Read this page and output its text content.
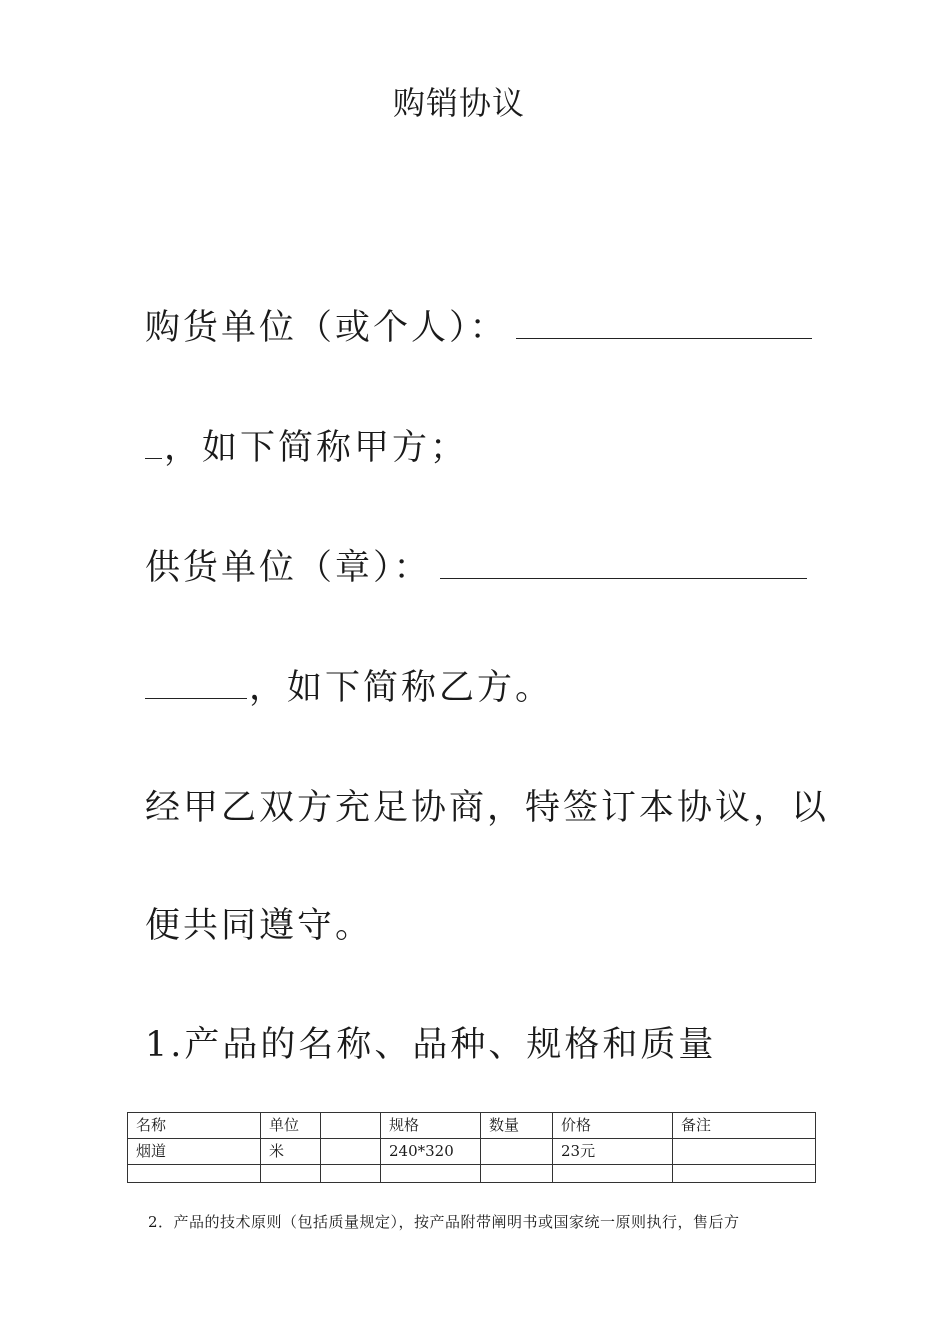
购销协议
购货单位（或个人）：
，如下简称甲方；
供货单位（章）：
，如下简称乙方。
经甲乙双方充足协商，特签订本协议，以
便共同遵守。
1.产品的名称、品种、规格和质量
名称	单位		规格	数量	价格	备注
烟道	米		240*320		23元	

2．产品的技术原则（包括质量规定），按产品附带阐明书或国家统一原则执行，售后方
